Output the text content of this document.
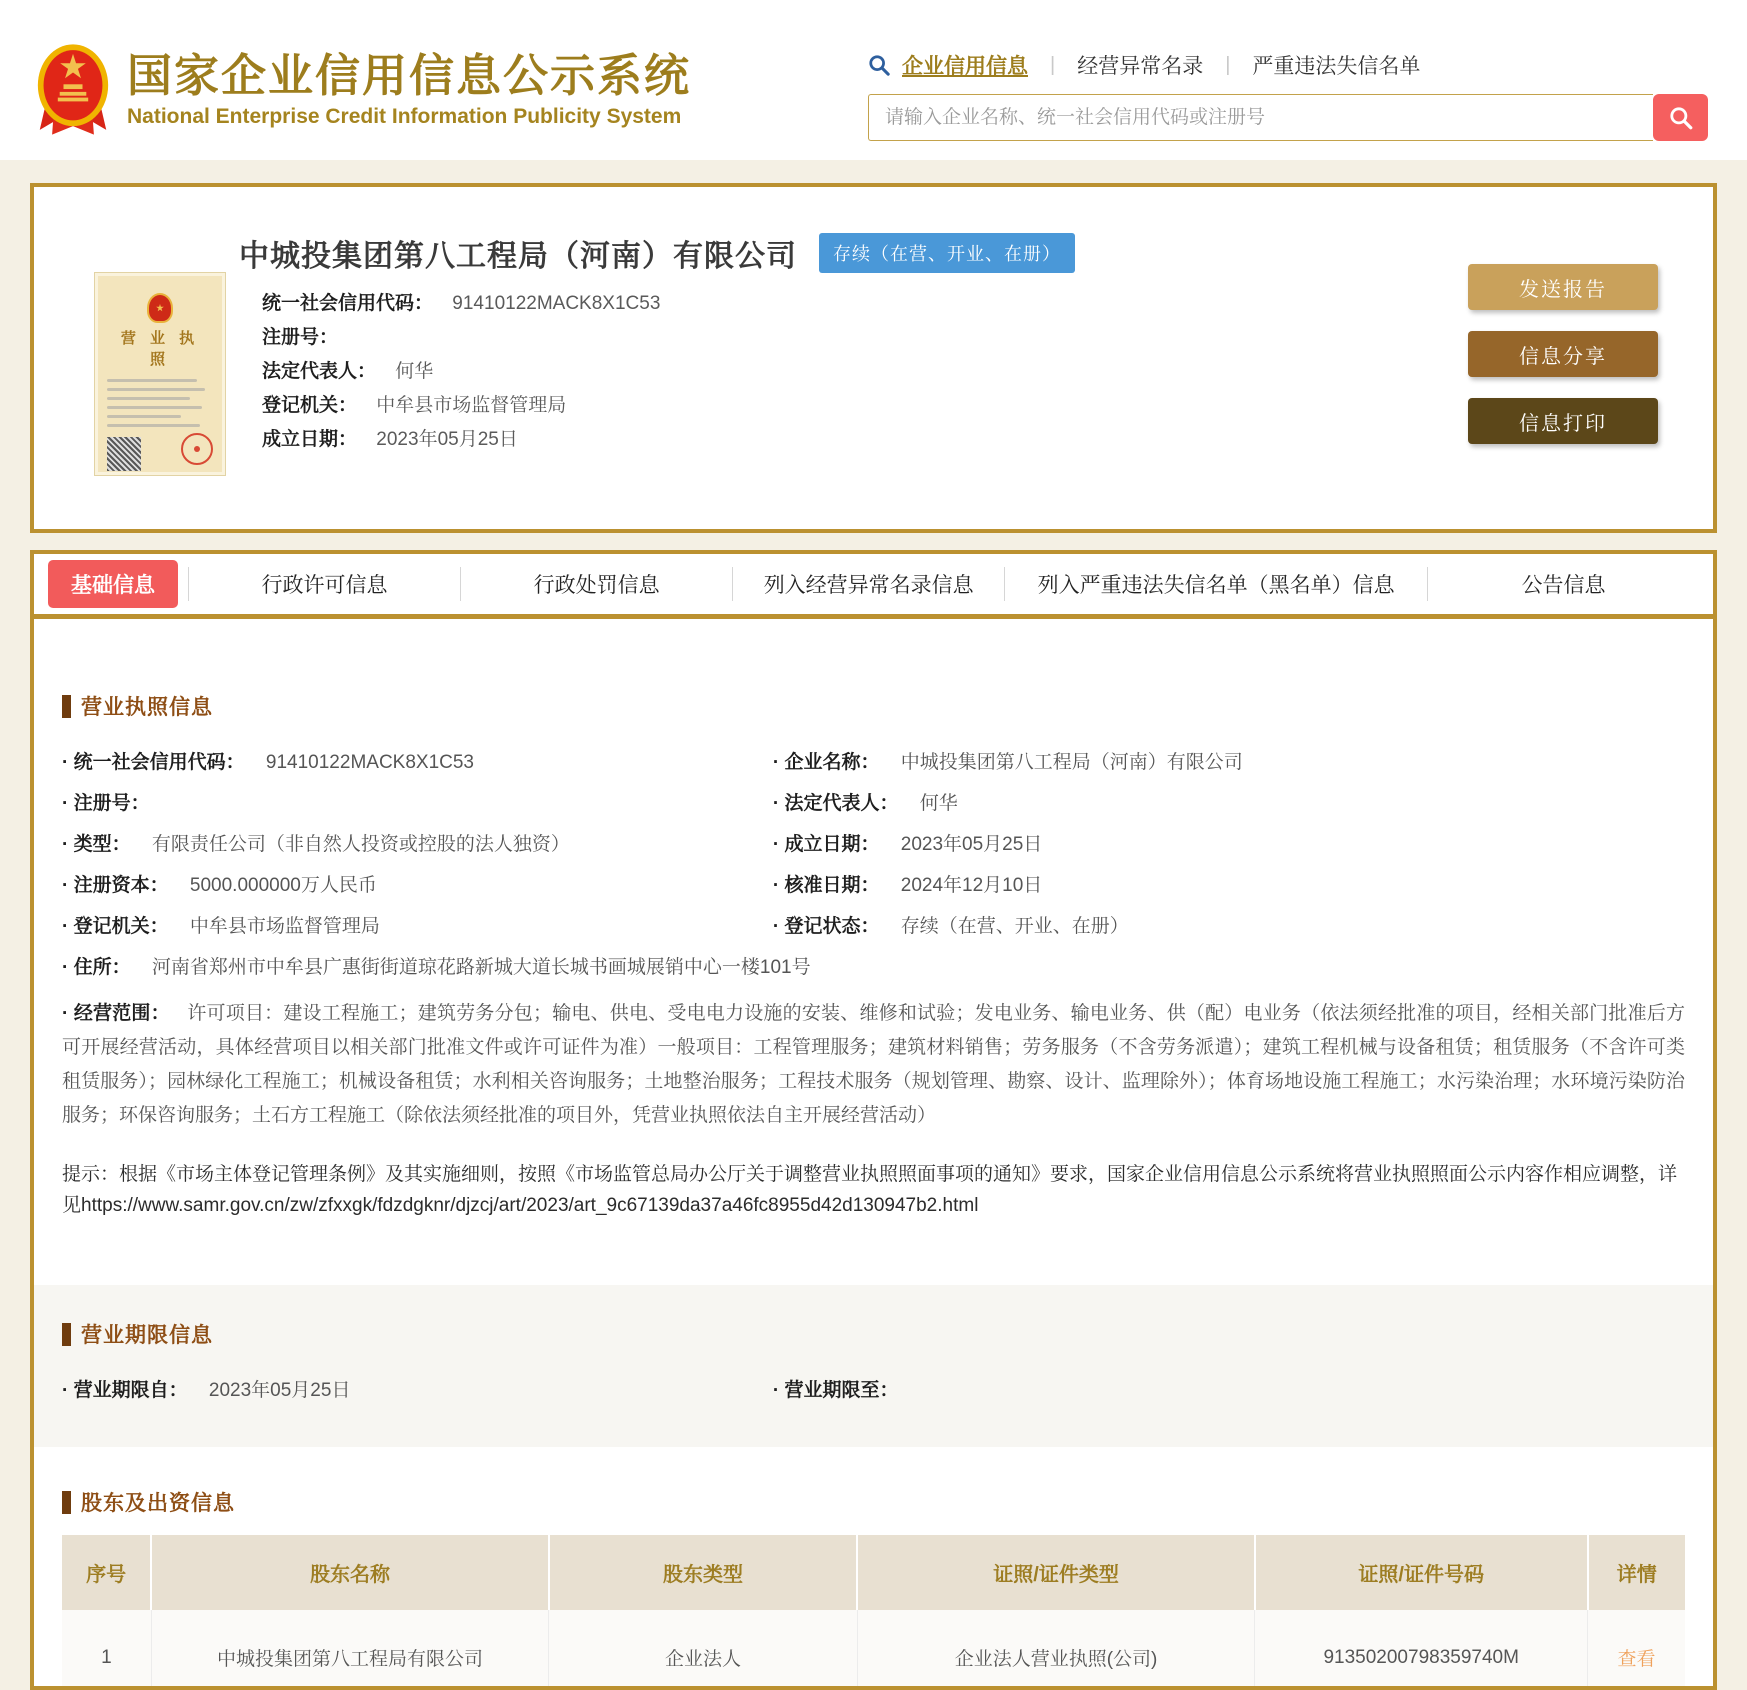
国家企业信用信息公示系统
National Enterprise Credit Information Publicity System
企业信用信息 | 经营异常名录 | 严重违法失信名单
请输入企业名称、统一社会信用代码或注册号
营 业 执 照
中城投集团第八工程局（河南）有限公司 存续（在营、开业、在册）
统一社会信用代码： 91410122MACK8X1C53
注册号：
法定代表人： 何华
登记机关： 中牟县市场监督管理局
成立日期： 2023年05月25日
发送报告
信息分享
信息打印
基础信息	行政许可信息	行政处罚信息	列入经营异常名录信息	列入严重违法失信名单（黑名单）信息	公告信息
营业执照信息
· 统一社会信用代码： 91410122MACK8X1C53	· 企业名称： 中城投集团第八工程局（河南）有限公司
· 注册号：	· 法定代表人： 何华
· 类型： 有限责任公司（非自然人投资或控股的法人独资）	· 成立日期： 2023年05月25日
· 注册资本： 5000.000000万人民币	· 核准日期： 2024年12月10日
· 登记机关： 中牟县市场监督管理局	· 登记状态： 存续（在营、开业、在册）
· 住所： 河南省郑州市中牟县广惠街街道琼花路新城大道长城书画城展销中心一楼101号
· 经营范围： 许可项目：建设工程施工；建筑劳务分包；输电、供电、受电电力设施的安装、维修和试验；发电业务、输电业务、供（配）电业务（依法须经批准的项目，经相关部门批准后方可开展经营活动，具体经营项目以相关部门批准文件或许可证件为准）一般项目：工程管理服务；建筑材料销售；劳务服务（不含劳务派遣）；建筑工程机械与设备租赁；租赁服务（不含许可类租赁服务）；园林绿化工程施工；机械设备租赁；水利相关咨询服务；土地整治服务；工程技术服务（规划管理、勘察、设计、监理除外）；体育场地设施工程施工；水污染治理；水环境污染防治服务；环保咨询服务；土石方工程施工（除依法须经批准的项目外，凭营业执照依法自主开展经营活动）
提示：根据《市场主体登记管理条例》及其实施细则，按照《市场监管总局办公厅关于调整营业执照照面事项的通知》要求，国家企业信用信息公示系统将营业执照照面公示内容作相应调整，详见https://www.samr.gov.cn/zw/zfxxgk/fdzdgknr/djzcj/art/2023/art_9c67139da37a46fc8955d42d130947b2.html
营业期限信息
· 营业期限自： 2023年05月25日	· 营业期限至：
股东及出资信息
序号	股东名称	股东类型	证照/证件类型	证照/证件号码	详情
1	中城投集团第八工程局有限公司	企业法人	企业法人营业执照(公司)	91350200798359740M	查看
